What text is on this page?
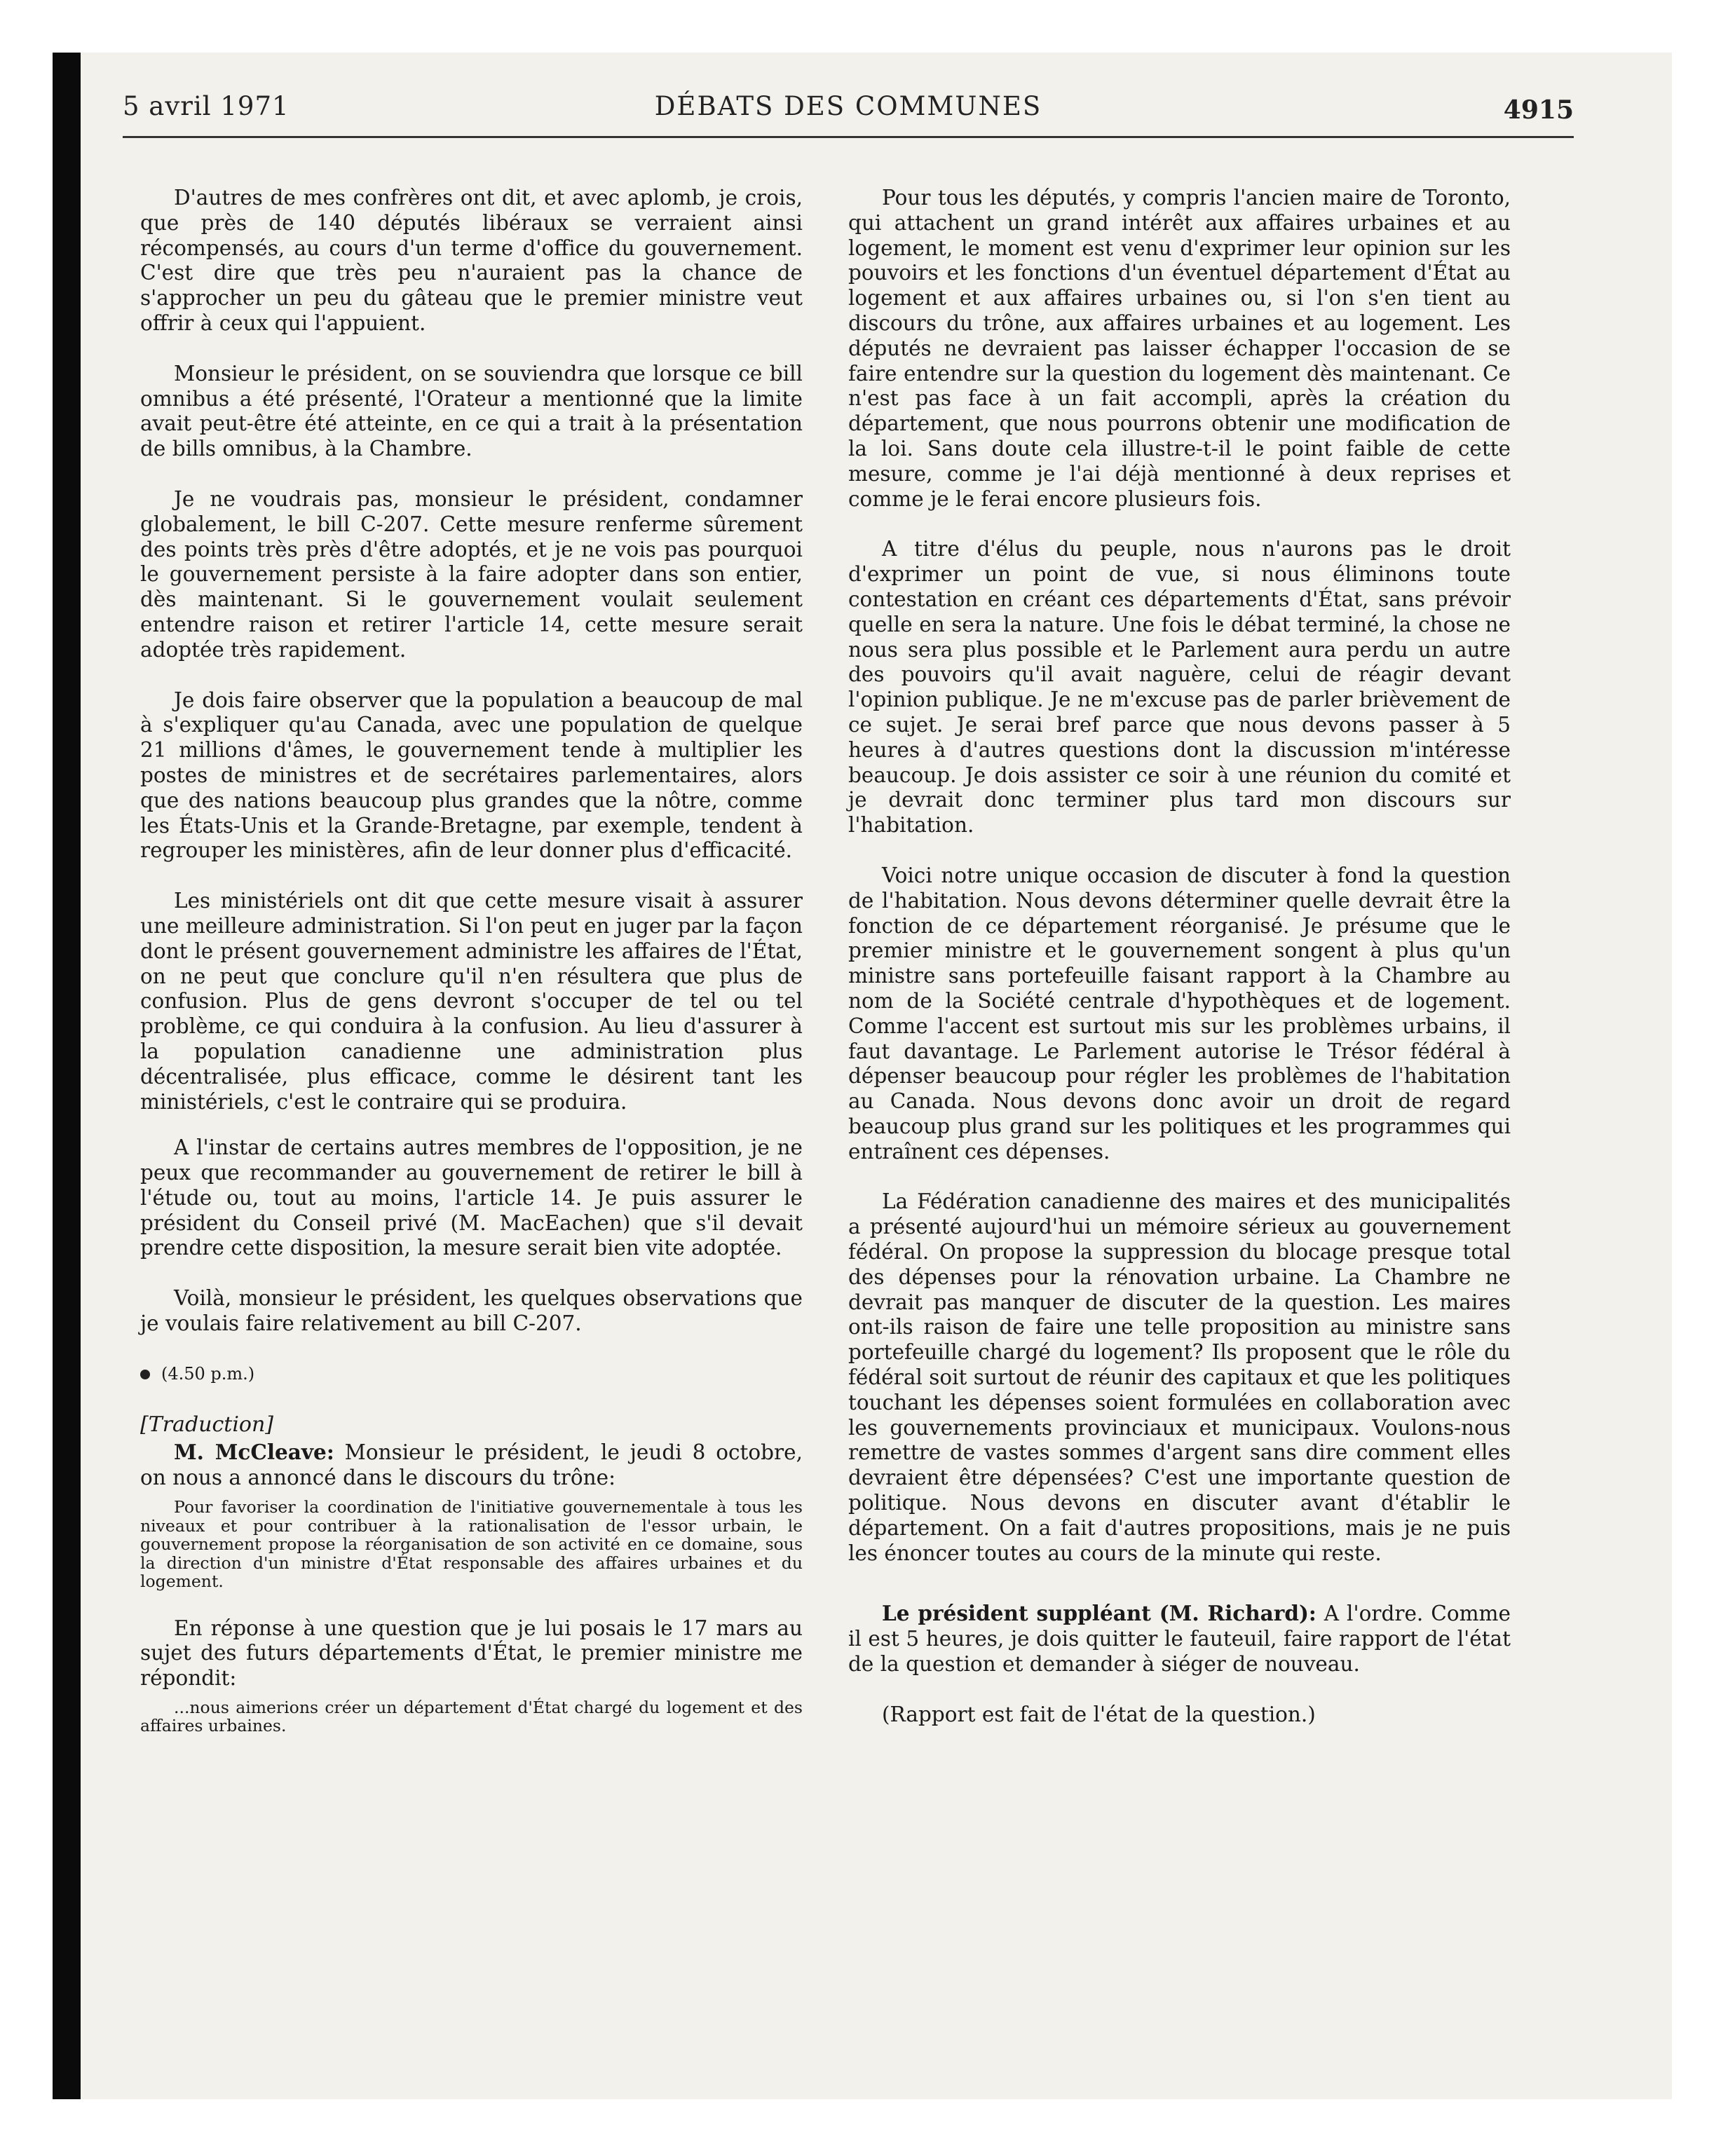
5 avril 1971	DÉBATS DES COMMUNES	4915

D'autres de mes confrères ont dit, et avec aplomb, je crois, que près de 140 députés libéraux se verraient ainsi récompensés, au cours d'un terme d'office du gouvernement. C'est dire que très peu n'auraient pas la chance de s'approcher un peu du gâteau que le premier ministre veut offrir à ceux qui l'appuient.

Monsieur le président, on se souviendra que lorsque ce bill omnibus a été présenté, l'Orateur a mentionné que la limite avait peut-être été atteinte, en ce qui a trait à la présentation de bills omnibus, à la Chambre.

Je ne voudrais pas, monsieur le président, condamner globalement, le bill C-207. Cette mesure renferme sûrement des points très près d'être adoptés, et je ne vois pas pourquoi le gouvernement persiste à la faire adopter dans son entier, dès maintenant. Si le gouvernement voulait seulement entendre raison et retirer l'article 14, cette mesure serait adoptée très rapidement.

Je dois faire observer que la population a beaucoup de mal à s'expliquer qu'au Canada, avec une population de quelque 21 millions d'âmes, le gouvernement tende à multiplier les postes de ministres et de secrétaires parlementaires, alors que des nations beaucoup plus grandes que la nôtre, comme les États-Unis et la Grande-Bretagne, par exemple, tendent à regrouper les ministères, afin de leur donner plus d'efficacité.

Les ministériels ont dit que cette mesure visait à assurer une meilleure administration. Si l'on peut en juger par la façon dont le présent gouvernement administre les affaires de l'État, on ne peut que conclure qu'il n'en résultera que plus de confusion. Plus de gens devront s'occuper de tel ou tel problème, ce qui conduira à la confusion. Au lieu d'assurer à la population canadienne une administration plus décentralisée, plus efficace, comme le désirent tant les ministériels, c'est le contraire qui se produira.

A l'instar de certains autres membres de l'opposition, je ne peux que recommander au gouvernement de retirer le bill à l'étude ou, tout au moins, l'article 14. Je puis assurer le président du Conseil privé (M. MacEachen) que s'il devait prendre cette disposition, la mesure serait bien vite adoptée.

Voilà, monsieur le président, les quelques observations que je voulais faire relativement au bill C-207.

(4.50 p.m.)
[Traduction]

M. McCleave: Monsieur le président, le jeudi 8 octobre, on nous a annoncé dans le discours du trône:

Pour favoriser la coordination de l'initiative gouvernementale à tous les niveaux et pour contribuer à la rationalisation de l'essor urbain, le gouvernement propose la réorganisation de son activité en ce domaine, sous la direction d'un ministre d'État responsable des affaires urbaines et du logement.

En réponse à une question que je lui posais le 17 mars au sujet des futurs départements d'État, le premier ministre me répondit:

...nous aimerions créer un département d'État chargé du logement et des affaires urbaines.

Pour tous les députés, y compris l'ancien maire de Toronto, qui attachent un grand intérêt aux affaires urbaines et au logement, le moment est venu d'exprimer leur opinion sur les pouvoirs et les fonctions d'un éventuel département d'État au logement et aux affaires urbaines ou, si l'on s'en tient au discours du trône, aux affaires urbaines et au logement. Les députés ne devraient pas laisser échapper l'occasion de se faire entendre sur la question du logement dès maintenant. Ce n'est pas face à un fait accompli, après la création du département, que nous pourrons obtenir une modification de la loi. Sans doute cela illustre-t-il le point faible de cette mesure, comme je l'ai déjà mentionné à deux reprises et comme je le ferai encore plusieurs fois.

A titre d'élus du peuple, nous n'aurons pas le droit d'exprimer un point de vue, si nous éliminons toute contestation en créant ces départements d'État, sans prévoir quelle en sera la nature. Une fois le débat terminé, la chose ne nous sera plus possible et le Parlement aura perdu un autre des pouvoirs qu'il avait naguère, celui de réagir devant l'opinion publique. Je ne m'excuse pas de parler brièvement de ce sujet. Je serai bref parce que nous devons passer à 5 heures à d'autres questions dont la discussion m'intéresse beaucoup. Je dois assister ce soir à une réunion du comité et je devrait donc terminer plus tard mon discours sur l'habitation.

Voici notre unique occasion de discuter à fond la question de l'habitation. Nous devons déterminer quelle devrait être la fonction de ce département réorganisé. Je présume que le premier ministre et le gouvernement songent à plus qu'un ministre sans portefeuille faisant rapport à la Chambre au nom de la Société centrale d'hypothèques et de logement. Comme l'accent est surtout mis sur les problèmes urbains, il faut davantage. Le Parlement autorise le Trésor fédéral à dépenser beaucoup pour régler les problèmes de l'habitation au Canada. Nous devons donc avoir un droit de regard beaucoup plus grand sur les politiques et les programmes qui entraînent ces dépenses.

La Fédération canadienne des maires et des municipalités a présenté aujourd'hui un mémoire sérieux au gouvernement fédéral. On propose la suppression du blocage presque total des dépenses pour la rénovation urbaine. La Chambre ne devrait pas manquer de discuter de la question. Les maires ont-ils raison de faire une telle proposition au ministre sans portefeuille chargé du logement? Ils proposent que le rôle du fédéral soit surtout de réunir des capitaux et que les politiques touchant les dépenses soient formulées en collaboration avec les gouvernements provinciaux et municipaux. Voulons-nous remettre de vastes sommes d'argent sans dire comment elles devraient être dépensées? C'est une importante question de politique. Nous devons en discuter avant d'établir le département. On a fait d'autres propositions, mais je ne puis les énoncer toutes au cours de la minute qui reste.

Le président suppléant (M. Richard): A l'ordre. Comme il est 5 heures, je dois quitter le fauteuil, faire rapport de l'état de la question et demander à siéger de nouveau.

(Rapport est fait de l'état de la question.)
